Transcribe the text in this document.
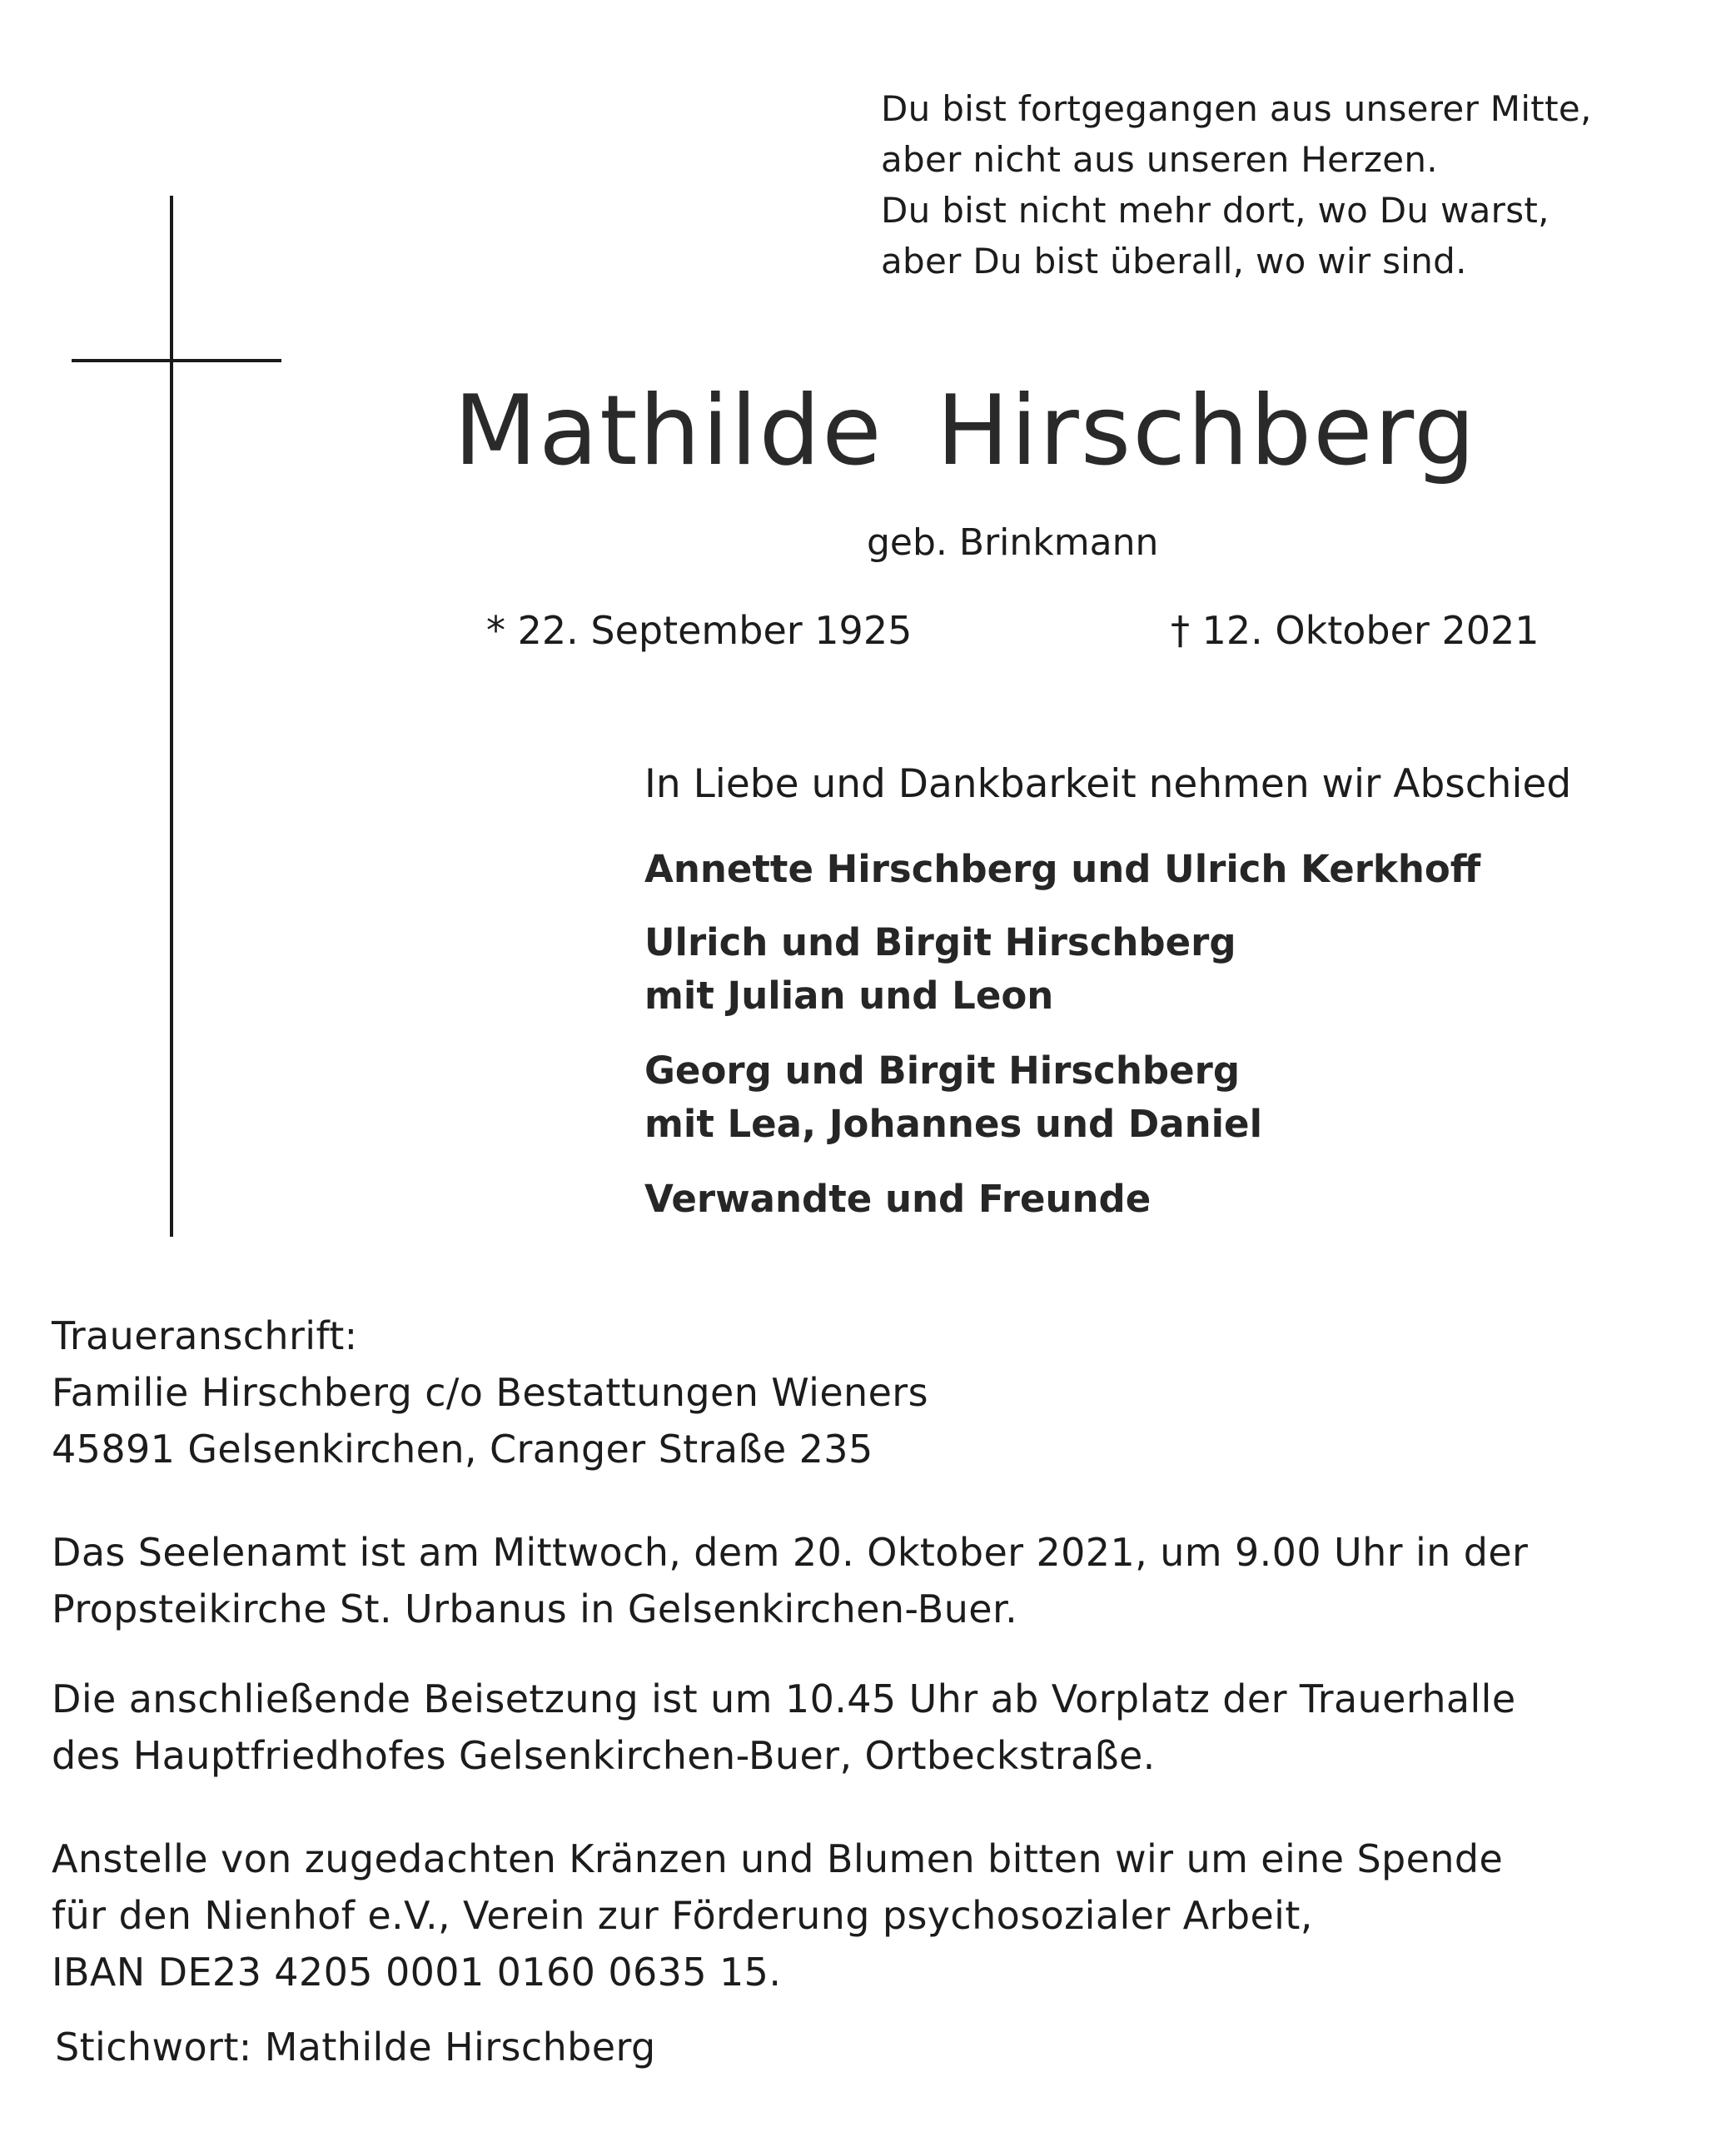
Du bist fortgegangen aus unserer Mitte,
aber nicht aus unseren Herzen.
Du bist nicht mehr dort, wo Du warst,
aber Du bist überall, wo wir sind.
Mathilde Hirschberg
geb. Brinkmann
* 22. September 1925	† 12. Oktober 2021
In Liebe und Dankbarkeit nehmen wir Abschied
Annette Hirschberg und Ulrich Kerkhoff
Ulrich und Birgit Hirschberg
mit Julian und Leon
Georg und Birgit Hirschberg
mit Lea, Johannes und Daniel
Verwandte und Freunde
Traueranschrift:
Familie Hirschberg c/o Bestattungen Wieners
45891 Gelsenkirchen, Cranger Straße 235
Das Seelenamt ist am Mittwoch, dem 20. Oktober 2021, um 9.00 Uhr in der
Propsteikirche St. Urbanus in Gelsenkirchen-Buer.
Die anschließende Beisetzung ist um 10.45 Uhr ab Vorplatz der Trauerhalle
des Hauptfriedhofes Gelsenkirchen-Buer, Ortbeckstraße.
Anstelle von zugedachten Kränzen und Blumen bitten wir um eine Spende
für den Nienhof e.V., Verein zur Förderung psychosozialer Arbeit,
IBAN DE23 4205 0001 0160 0635 15.
Stichwort: Mathilde Hirschberg
